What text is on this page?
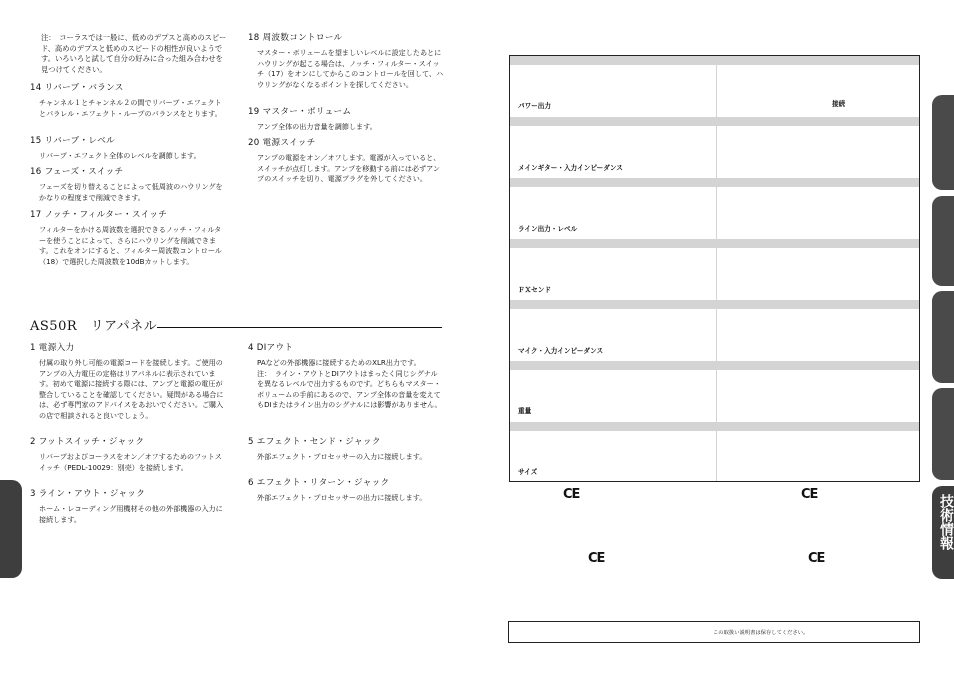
注：　コーラスでは一般に、低めのデプスと高めのスピード、高めのデプスと低めのスピードの相性が良いようです。いろいろと試して自分の好みに合った組み合わせを見つけてください。
14 リバーブ・バランス

チャンネル１とチャンネル２の間でリバーブ・エフェクトとパラレル・エフェクト・ループのバランスをとります。

15 リバーブ・レベル

リバーブ・エフェクト全体のレベルを調節します。

16 フェーズ・スイッチ

フェーズを切り替えることによって低周波のハウリングをかなりの程度まで削減できます。

17 ノッチ・フィルター・スイッチ

フィルターをかける周波数を選択できるノッチ・フィルターを使うことによって、さらにハウリングを削減できます。これをオンにすると、フィルター周波数コントロール（18）で選択した周波数を10dBカットします。

18 周波数コントロール

マスター・ボリュームを望ましいレベルに設定したあとにハウリングが起こる場合は、ノッチ・フィルター・スイッチ（17）をオンにしてからこのコントロールを回して、ハウリングがなくなるポイントを探してください。

19 マスター・ボリューム

アンプ全体の出力音量を調節します。

20 電源スイッチ

アンプの電源をオン／オフします。電源が入っていると、スイッチが点灯します。アンプを移動する前には必ずアンプのスイッチを切り、電源プラグを外してください。

AS50R　リアパネル
1 電源入力

付属の取り外し可能の電源コードを接続します。ご使用のアンプの入力電圧の定格はリアパネルに表示されています。初めて電源に接続する際には、アンプと電源の電圧が整合していることを確認してください。疑問がある場合には、必ず専門家のアドバイスをあおいでください。ご購入の店で相談されると良いでしょう。

2 フットスイッチ・ジャック

リバーブおよびコーラスをオン／オフするためのフットスイッチ（PEDL-10029：別売）を接続します。

3 ライン・アウト・ジャック

ホーム・レコーディング用機材その他の外部機器の入力に接続します。

4 DIアウト

PAなどの外部機器に接続するためのXLR出力です。

注：　ライン・アウトとDIアウトはまったく同じシグナルを異なるレベルで出力するものです。どちらもマスター・ボリュームの手前にあるので、アンプ全体の音量を変えてもDIまたはライン出力のシグナルには影響がありません。

5 エフェクト・センド・ジャック

外部エフェクト・プロセッサーの入力に接続します。

6 エフェクト・リターン・ジャック

外部エフェクト・プロセッサーの出力に接続します。

パワー出力	接続
メインギター・入力インピーダンス
ライン出力・レベル
ＦＸセンド
マイク・入力インピーダンス
重量
サイズ
CE	CE
CE	CE
この取扱い説明書は保存してください。
技術情報
